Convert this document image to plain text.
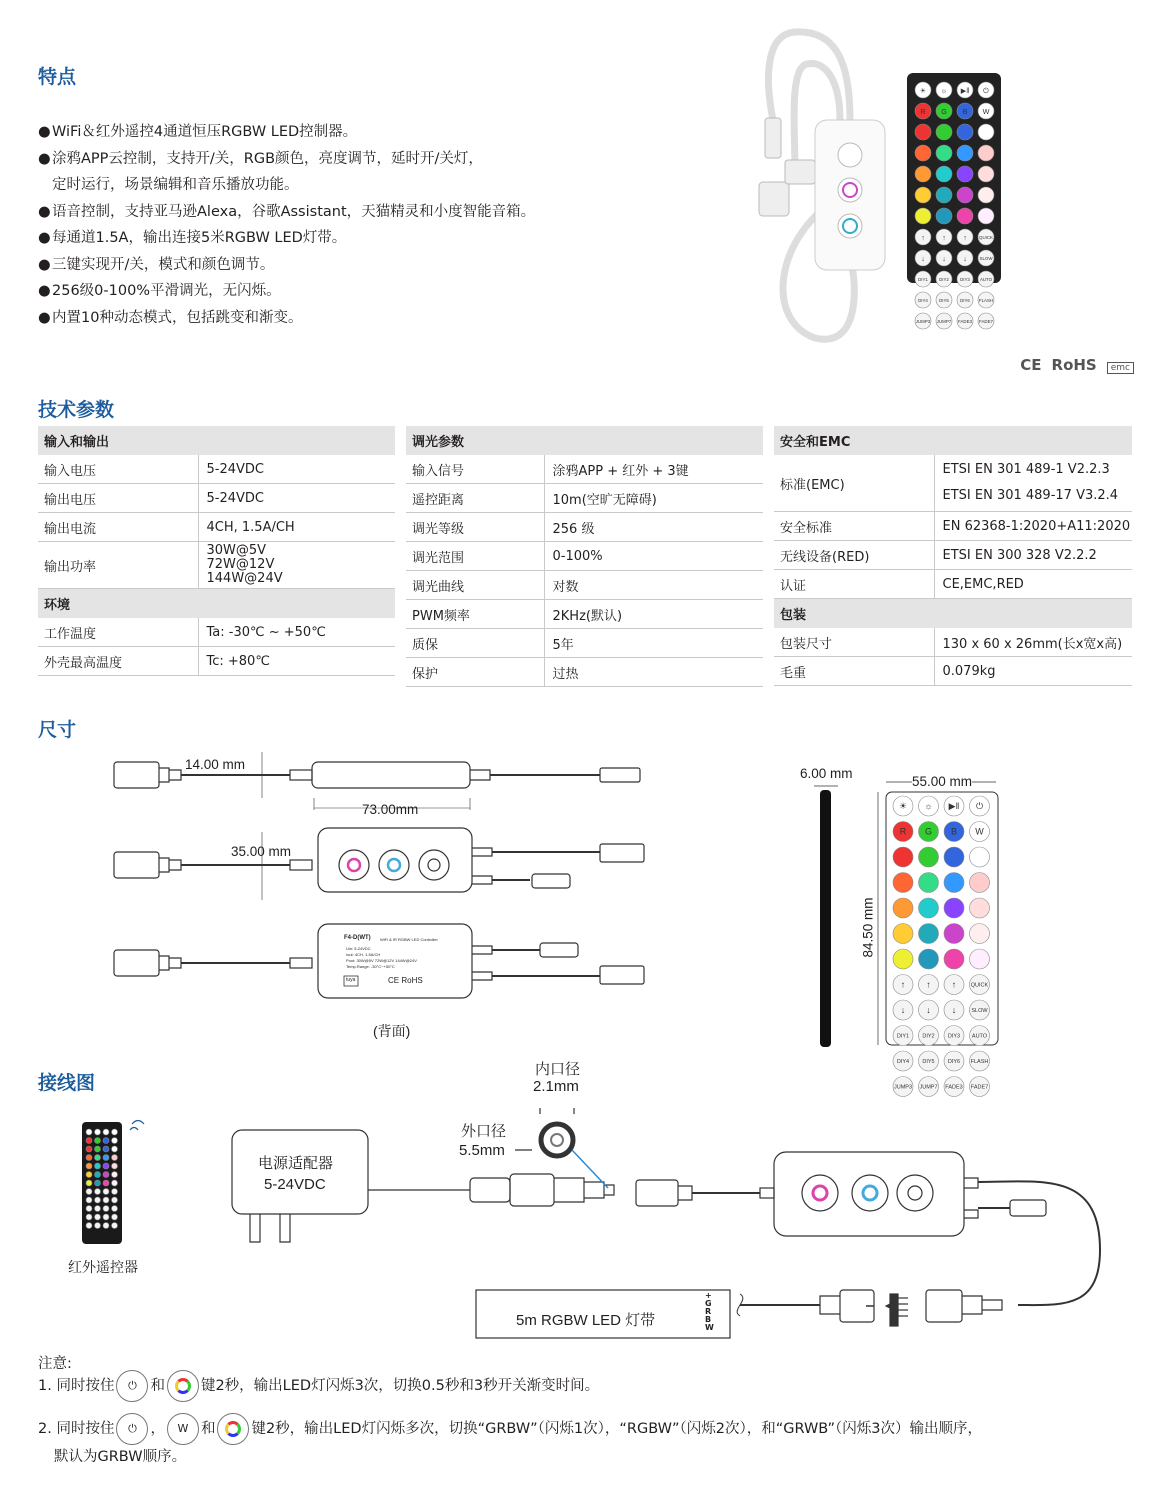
特点
●WiFi＆红外遥控4通道恒压RGBW LED控制器。
●涂鸦APP云控制，支持开/关，RGB颜色，亮度调节，延时开/关灯，
定时运行，场景编辑和音乐播放功能。
●语音控制，支持亚马逊Alexa，谷歌Assistant，天猫精灵和小度智能音箱。
●每通道1.5A，输出连接5米RGBW LED灯带。
●三键实现开/关，模式和颜色调节。
●256级0-100%平滑调光，无闪烁。
●内置10种动态模式，包括跳变和渐变。
☀ ☼ ▶‖ ⏻
R G B W
↑ ↑ ↑	QUICK
↓ ↓ ↓	SLOW
DIY1	DIY2	DIY3 AUTO
DIY4	DIY5	DIY6 FLASH
JUMP3 JUMP7 FADE3 FADE7
CE RoHS emc
技术参数
输入和输出	
输入电压	5-24VDC
输出电压	5-24VDC
输出电流	4CH, 1.5A/CH
输出功率	30W@5V
72W@12V
144W@24V

环境	
工作温度	Ta: -30℃ ~ +50℃
外壳最高温度	Tc: +80℃
调光参数	
输入信号	涂鸦APP + 红外 + 3键
遥控距离	10m(空旷无障碍)
调光等级	256 级
调光范围	0-100%
调光曲线	对数
PWM频率	2KHz(默认)
质保	5年
保护	过热
安全和EMC	
标准(EMC)	ETSI EN 301 489-1 V2.2.3
ETSI EN 301 489-17 V3.2.4

安全标准	EN 62368-1:2020+A11:2020
无线设备(RED)	ETSI EN 300 328 V2.2.2
认证	CE,EMC,RED
包装	
包装尺寸	130 x 60 x 26mm(长x宽x高)
毛重	0.079kg
尺寸
14.00 mm
73.00mm
35.00 mm
F4-D(WT) WiFi & IR RGBW LED Controller
Uin: 5-24VDC
Iout: 4CH, 1.5A/CH
Pout: 30W@5V 72W@12V 144W@24V
Temp.Range: -30°C~+50°C
tuya	CE RoHS
(背面)
☀ ☼ ▶‖ ⏻
R G B W
↑ ↑ ↑	QUICK
↓ ↓ ↓	SLOW
DIY1 DIY2 DIY3 AUTO
DIY4 DIY5 DIY6 FLASH
JUMP3 JUMP7 FADE3 FADE7
6.00 mm
55.00 mm
84.50 mm
接线图
内口径
2.1mm
外口径
5.5mm
电源适配器
5-24VDC
红外遥控器
5m RGBW LED 灯带
+
G
R
B
W
注意:
1. 同时按住 ⏻ 和 键2秒，输出LED灯闪烁3次，切换0.5秒和3秒开关渐变时间。
2. 同时按住 ⏻ ， W 和 键2秒，输出LED灯闪烁多次，切换“GRBW”（闪烁1次），“RGBW”（闪烁2次），和“GRWB”（闪烁3次）输出顺序，
默认为GRBW顺序。
